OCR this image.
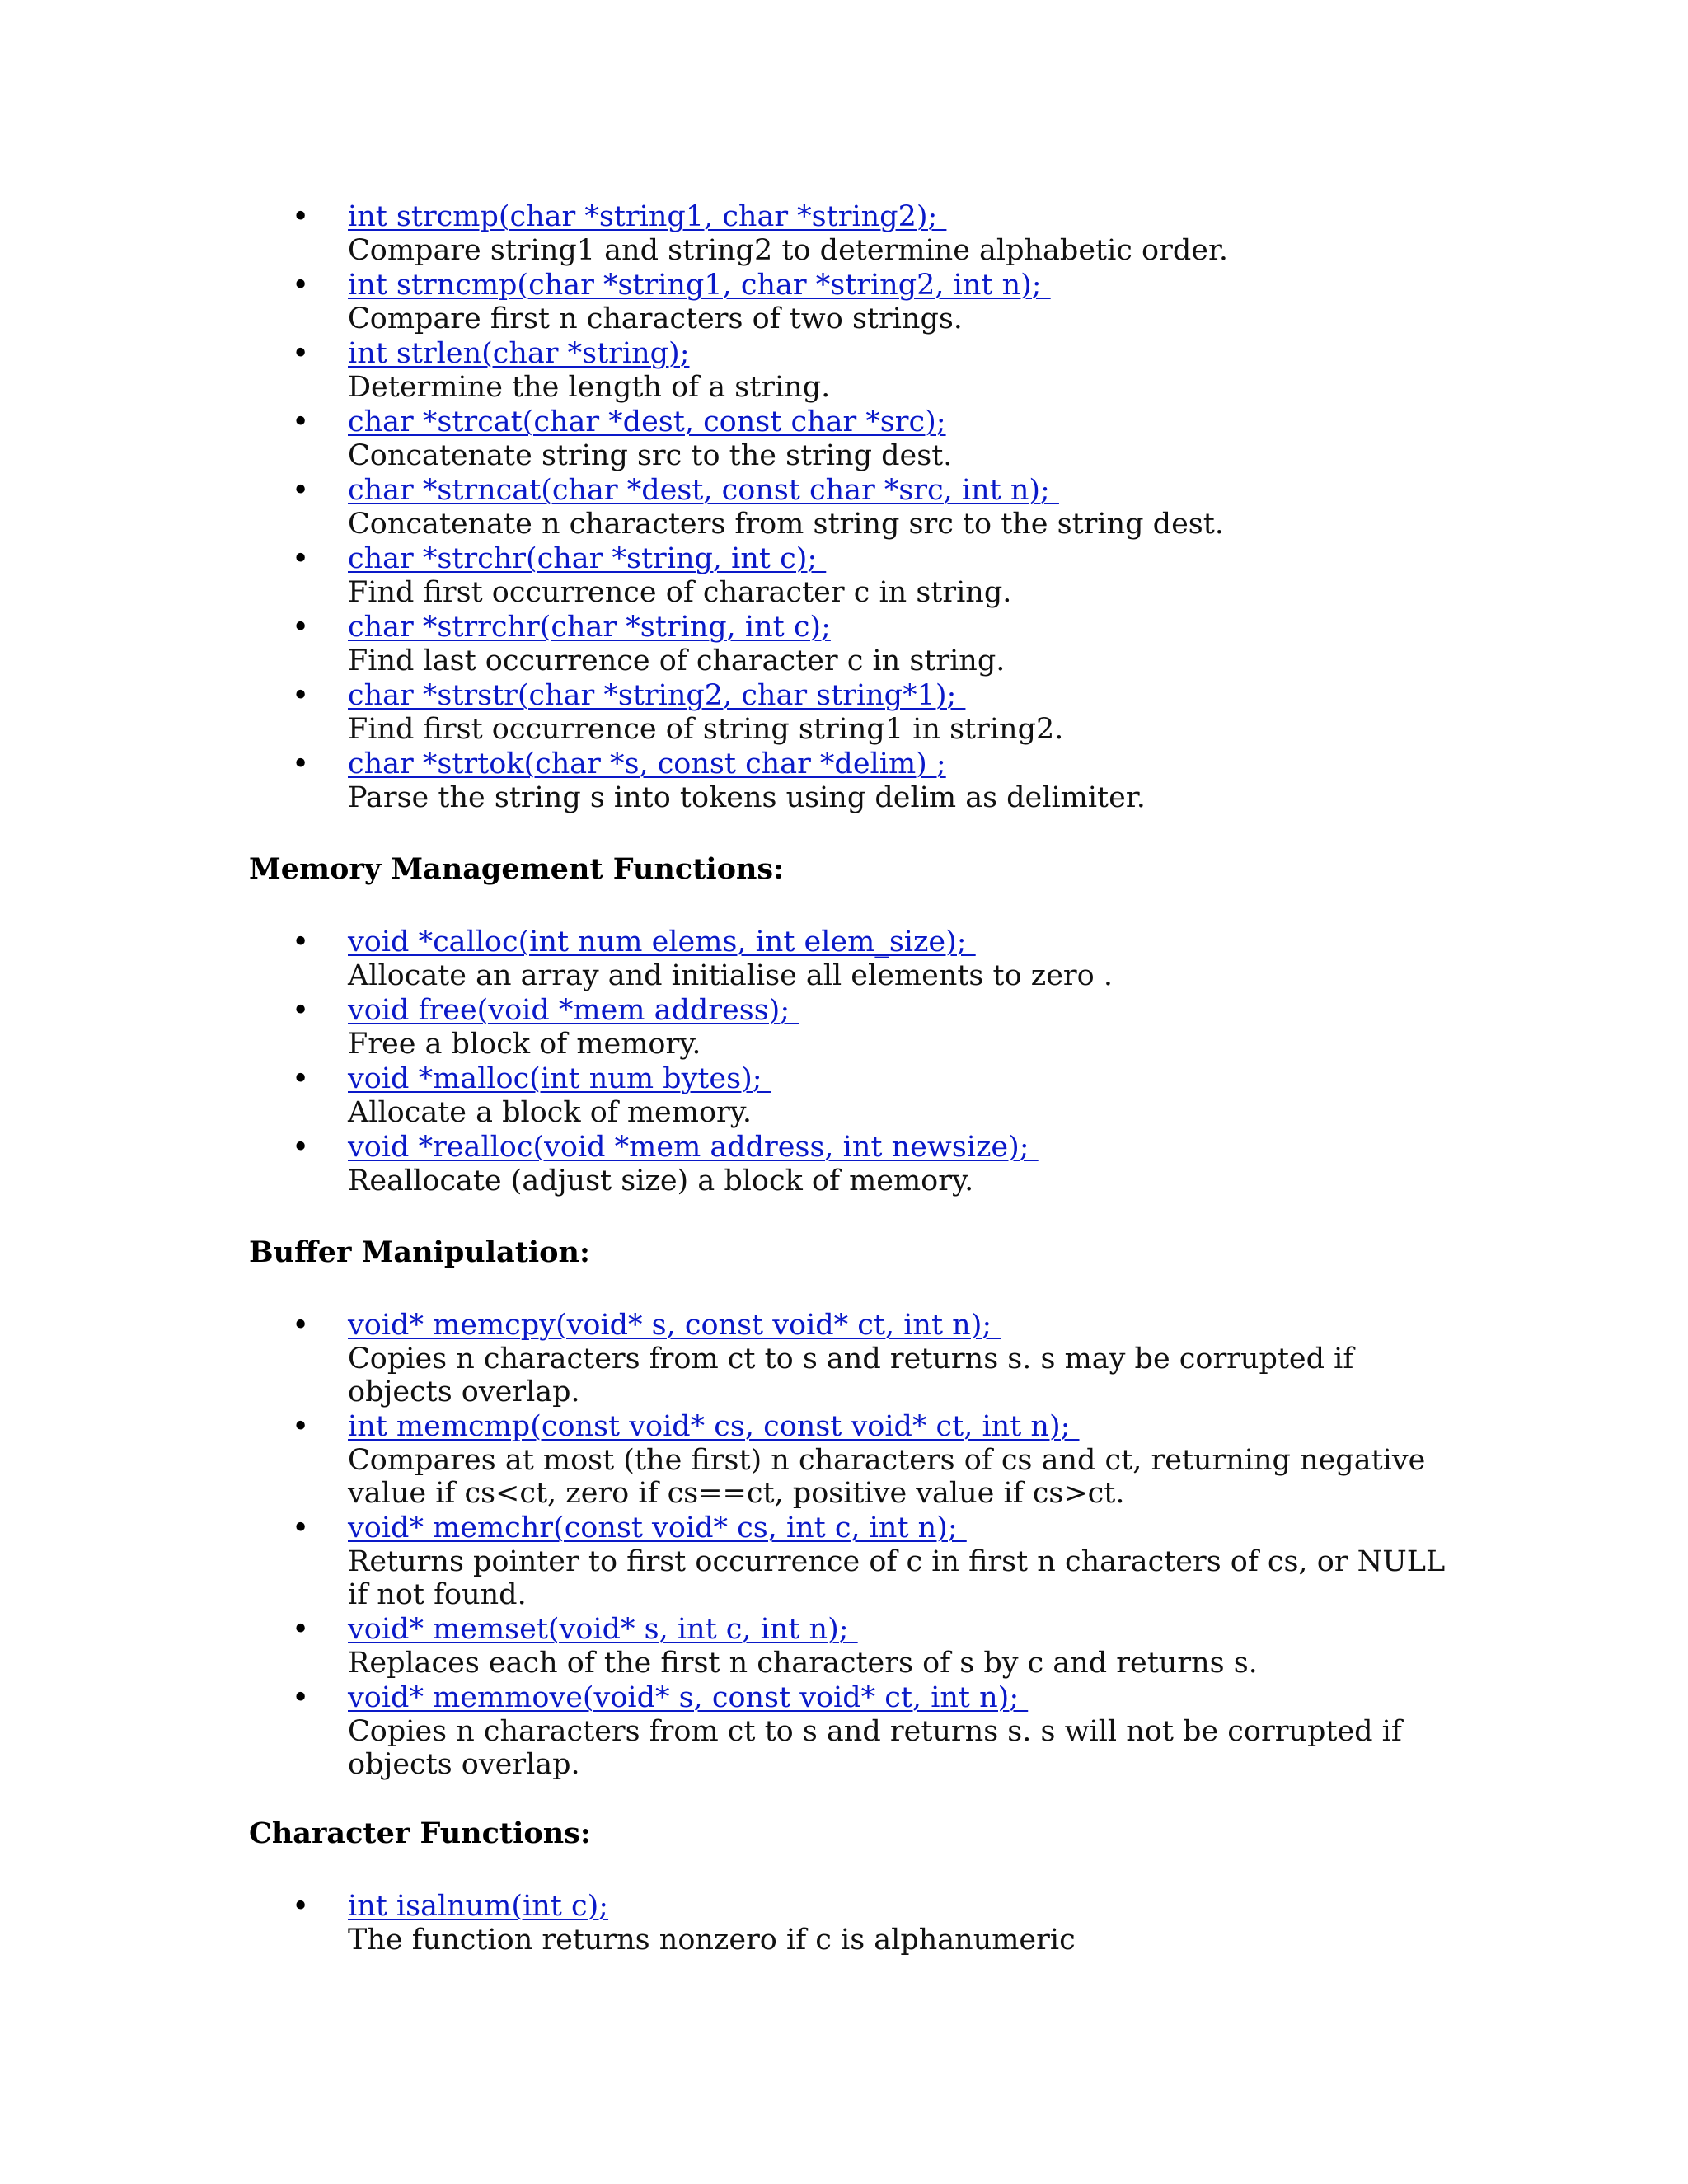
• int strcmp(char *string1, char *string2);
Compare string1 and string2 to determine alphabetic order.
• int strncmp(char *string1, char *string2, int n);
Compare first n characters of two strings.
• int strlen(char *string);
Determine the length of a string.
• char *strcat(char *dest, const char *src);
Concatenate string src to the string dest.
• char *strncat(char *dest, const char *src, int n);
Concatenate n characters from string src to the string dest.
• char *strchr(char *string, int c);
Find first occurrence of character c in string.
• char *strrchr(char *string, int c);
Find last occurrence of character c in string.
• char *strstr(char *string2, char string*1);
Find first occurrence of string string1 in string2.
• char *strtok(char *s, const char *delim) ;
Parse the string s into tokens using delim as delimiter.
Memory Management Functions:
• void *calloc(int num elems, int elem_size);
Allocate an array and initialise all elements to zero .
• void free(void *mem address);
Free a block of memory.
• void *malloc(int num bytes);
Allocate a block of memory.
• void *realloc(void *mem address, int newsize);
Reallocate (adjust size) a block of memory.
Buffer Manipulation:
• void* memcpy(void* s, const void* ct, int n);
Copies n characters from ct to s and returns s. s may be corrupted if objects overlap.
• int memcmp(const void* cs, const void* ct, int n);
Compares at most (the first) n characters of cs and ct, returning negative value if cs<ct, zero if cs==ct, positive value if cs>ct.
• void* memchr(const void* cs, int c, int n);
Returns pointer to first occurrence of c in first n characters of cs, or NULL if not found.
• void* memset(void* s, int c, int n);
Replaces each of the first n characters of s by c and returns s.
• void* memmove(void* s, const void* ct, int n);
Copies n characters from ct to s and returns s. s will not be corrupted if objects overlap.
Character Functions:
• int isalnum(int c);
The function returns nonzero if c is alphanumeric
